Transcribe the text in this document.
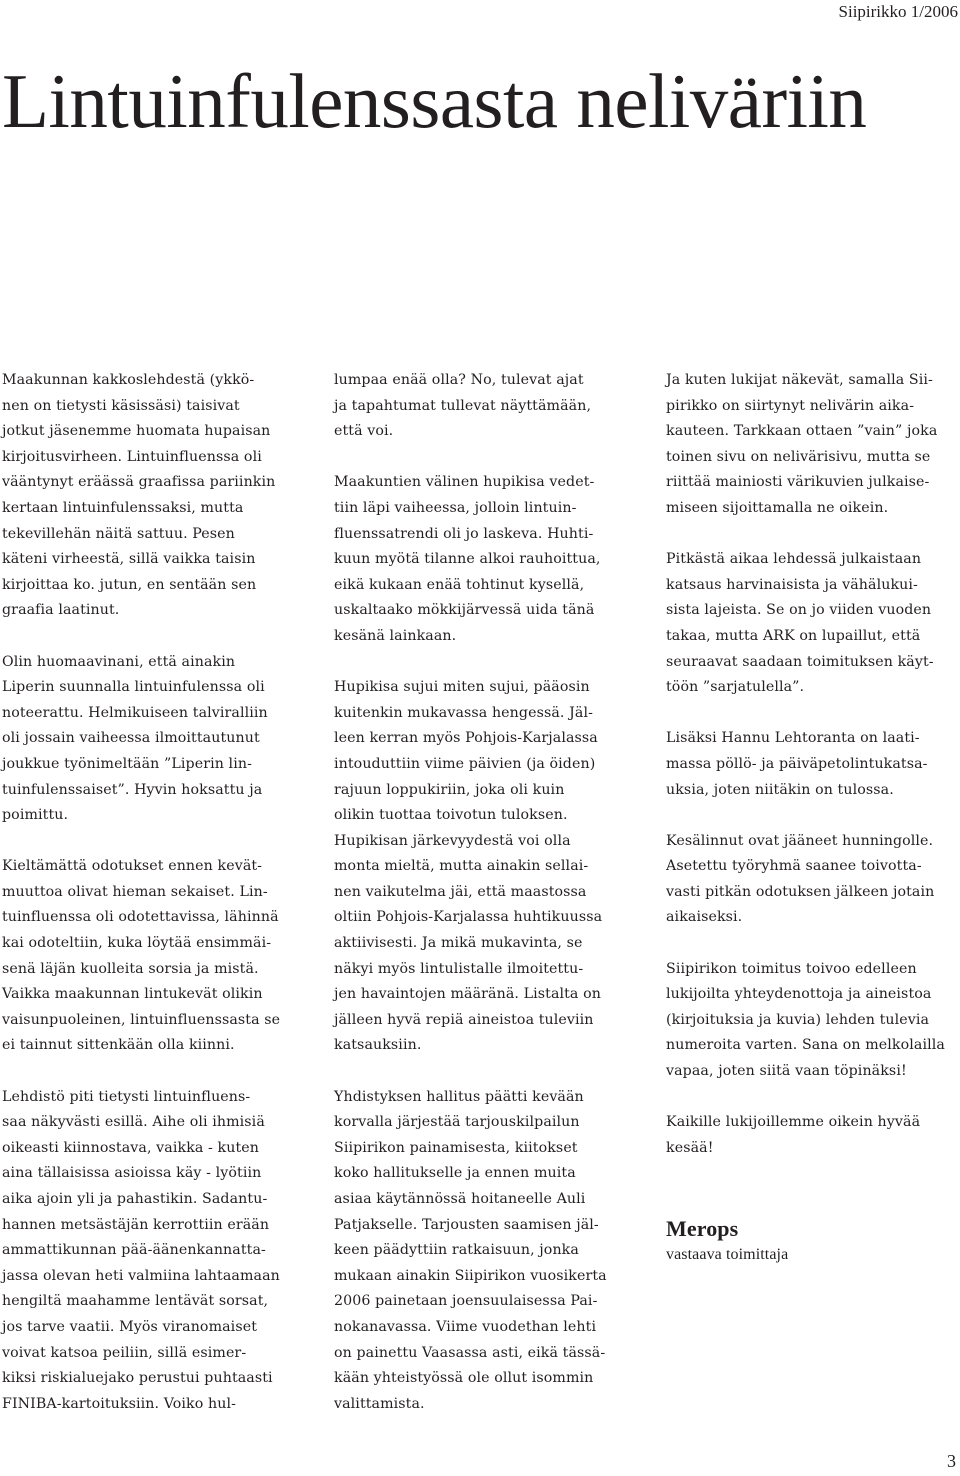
Siipirikko 1/2006
Lintuinfulenssasta neliväriin

Maakunnan kakkoslehdestä (ykkö-
nen on tietysti käsissäsi) taisivat
jotkut jäsenemme huomata hupaisan
kirjoitusvirheen. Lintuinfluenssa oli
vääntynyt eräässä graafissa pariinkin
kertaan lintuinfulenssaksi, mutta
tekevillehän näitä sattuu. Pesen
käteni virheestä, sillä vaikka taisin
kirjoittaa ko. jutun, en sentään sen
graafia laatinut.

Olin huomaavinani, että ainakin
Liperin suunnalla lintuinfulenssa oli
noteerattu. Helmikuiseen talviralliin
oli jossain vaiheessa ilmoittautunut
joukkue työnimeltään ”Liperin lin-
tuinfulenssaiset”. Hyvin hoksattu ja
poimittu.

Kieltämättä odotukset ennen kevät-
muuttoa olivat hieman sekaiset. Lin-
tuinfluenssa oli odotettavissa, lähinnä
kai odoteltiin, kuka löytää ensimmäi-
senä läjän kuolleita sorsia ja mistä.
Vaikka maakunnan lintukevät olikin
vaisunpuoleinen, lintuinfluenssasta se
ei tainnut sittenkään olla kiinni.

Lehdistö piti tietysti lintuinfluens-
saa näkyvästi esillä. Aihe oli ihmisiä
oikeasti kiinnostava, vaikka - kuten
aina tällaisissa asioissa käy - lyötiin
aika ajoin yli ja pahastikin. Sadantu-
hannen metsästäjän kerrottiin erään
ammattikunnan pää-äänenkannatta-
jassa olevan heti valmiina lahtaamaan
hengiltä maahamme lentävät sorsat,
jos tarve vaatii. Myös viranomaiset
voivat katsoa peiliin, sillä esimer-
kiksi riskialuejako perustui puhtaasti
FINIBA-kartoituksiin. Voiko hul-

lumpaa enää olla? No, tulevat ajat
ja tapahtumat tullevat näyttämään,
että voi.

Maakuntien välinen hupikisa vedet-
tiin läpi vaiheessa, jolloin lintuin-
fluenssatrendi oli jo laskeva. Huhti-
kuun myötä tilanne alkoi rauhoittua,
eikä kukaan enää tohtinut kysellä,
uskaltaako mökkijärvessä uida tänä
kesänä lainkaan.

Hupikisa sujui miten sujui, pääosin
kuitenkin mukavassa hengessä. Jäl-
leen kerran myös Pohjois-Karjalassa
intouduttiin viime päivien (ja öiden)
rajuun loppukiriin, joka oli kuin
olikin tuottaa toivotun tuloksen.
Hupikisan järkevyydestä voi olla
monta mieltä, mutta ainakin sellai-
nen vaikutelma jäi, että maastossa
oltiin Pohjois-Karjalassa huhtikuussa
aktiivisesti. Ja mikä mukavinta, se
näkyi myös lintulistalle ilmoitettu-
jen havaintojen määränä. Listalta on
jälleen hyvä repiä aineistoa tuleviin
katsauksiin.

Yhdistyksen hallitus päätti kevään
korvalla järjestää tarjouskilpailun
Siipirikon painamisesta, kiitokset
koko hallitukselle ja ennen muita
asiaa käytännössä hoitaneelle Auli
Patjakselle. Tarjousten saamisen jäl-
keen päädyttiin ratkaisuun, jonka
mukaan ainakin Siipirikon vuosikerta
2006 painetaan joensuulaisessa Pai-
nokanavassa. Viime vuodethan lehti
on painettu Vaasassa asti, eikä tässä-
kään yhteistyössä ole ollut isommin
valittamista.

Ja kuten lukijat näkevät, samalla Sii-
pirikko on siirtynyt nelivärin aika-
kauteen. Tarkkaan ottaen ”vain” joka
toinen sivu on nelivärisivu, mutta se
riittää mainiosti värikuvien julkaise-
miseen sijoittamalla ne oikein.

Pitkästä aikaa lehdessä julkaistaan
katsaus harvinaisista ja vähälukui-
sista lajeista. Se on jo viiden vuoden
takaa, mutta ARK on lupaillut, että
seuraavat saadaan toimituksen käyt-
töön ”sarjatulella”.

Lisäksi Hannu Lehtoranta on laati-
massa pöllö- ja päiväpetolintukatsa-
uksia, joten niitäkin on tulossa.

Kesälinnut ovat jääneet hunningolle.
Asetettu työryhmä saanee toivotta-
vasti pitkän odotuksen jälkeen jotain
aikaiseksi.

Siipirikon toimitus toivoo edelleen
lukijoilta yhteydenottoja ja aineistoa
(kirjoituksia ja kuvia) lehden tulevia
numeroita varten. Sana on melkolailla
vapaa, joten siitä vaan töpinäksi!

Kaikille lukijoillemme oikein hyvää
kesää!

Merops
vastaava toimittaja
3
